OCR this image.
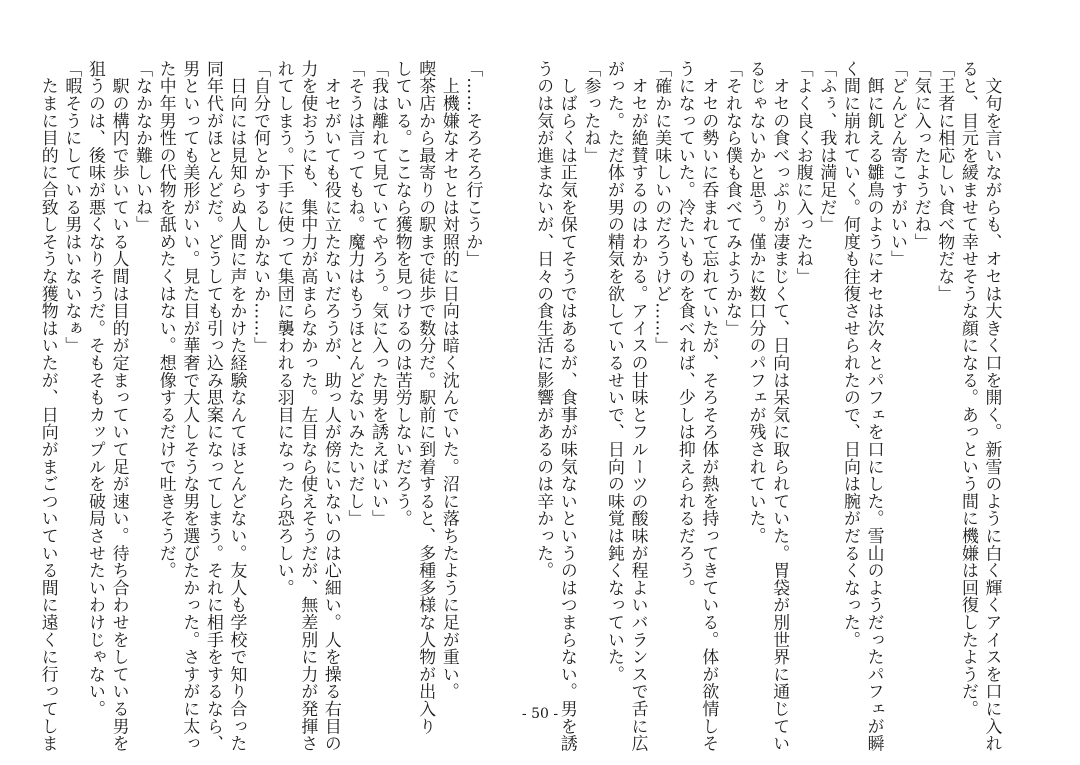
　文句を言いながらも、オセは大きく口を開く。新雪のように白く輝くアイスを口に入れ

ると、目元を緩ませて幸せそうな顔になる。あっという間に機嫌は回復したようだ。

「王者に相応しい食べ物だな」

「気に入ったようだね」

「どんどん寄こすがいい」

　餌に飢える雛鳥のようにオセは次々とパフェを口にした。雪山のようだったパフェが瞬

く間に崩れていく。何度も往復させられたので、日向は腕がだるくなった。

「ふぅ、我は満足だ」

「よく良くお腹に入ったね」

　オセの食べっぷりが凄まじくて、日向は呆気に取られていた。胃袋が別世界に通じてい

るじゃないかと思う。僅かに数口分のパフェが残されていた。

「それなら僕も食べてみようかな」

　オセの勢いに呑まれて忘れていたが、そろそろ体が熱を持ってきている。体が欲情しそ

うになっていた。冷たいものを食べれば、少しは抑えられるだろう。

「確かに美味しいのだろうけど……」

　オセが絶賛するのはわかる。アイスの甘味とフルーツの酸味が程よいバランスで舌に広

がった。ただ体が男の精気を欲しているせいで、日向の味覚は鈍くなっていた。

「参ったね」

　しばらくは正気を保てそうではあるが、食事が味気ないというのはつまらない。男を誘

うのは気が進まないが、日々の食生活に影響があるのは辛かった。

「……そろそろ行こうか」

　上機嫌なオセとは対照的に日向は暗く沈んでいた。沼に落ちたように足が重い。

喫茶店から最寄りの駅まで徒歩で数分だ。駅前に到着すると、多種多様な人物が出入り

している。ここなら獲物を見つけるのは苦労しないだろう。

「我は離れて見ていてやろう。気に入った男を誘えばいい」

「そうは言ってもね。魔力はもうほとんどないみたいだし」

　オセがいても役に立たないだろうが、助っ人が傍にいないのは心細い。人を操る右目の

力を使おうにも、集中力が高まらなかった。左目なら使えそうだが、無差別に力が発揮さ

れてしまう。下手に使って集団に襲われる羽目になったら恐ろしい。

「自分で何とかするしかないか……」

　日向には見知らぬ人間に声をかけた経験なんてほとんどない。友人も学校で知り合った

同年代がほとんどだ。どうしても引っ込み思案になってしまう。それに相手をするなら、

男といっても美形がいい。見た目が華奢で大人しそうな男を選びたかった。さすがに太っ

た中年男性の代物を舐めたくはない。想像するだけで吐きそうだ。

「なかなか難しいね」

　駅の構内で歩いている人間は目的が定まっていて足が速い。待ち合わせをしている男を

狙うのは、後味が悪くなりそうだ。そもそもカップルを破局させたいわけじゃない。

「暇そうにしている男はいないなぁ」

　たまに目的に合致しそうな獲物はいたが、日向がまごついている間に遠くに行ってしま	- 50 -
